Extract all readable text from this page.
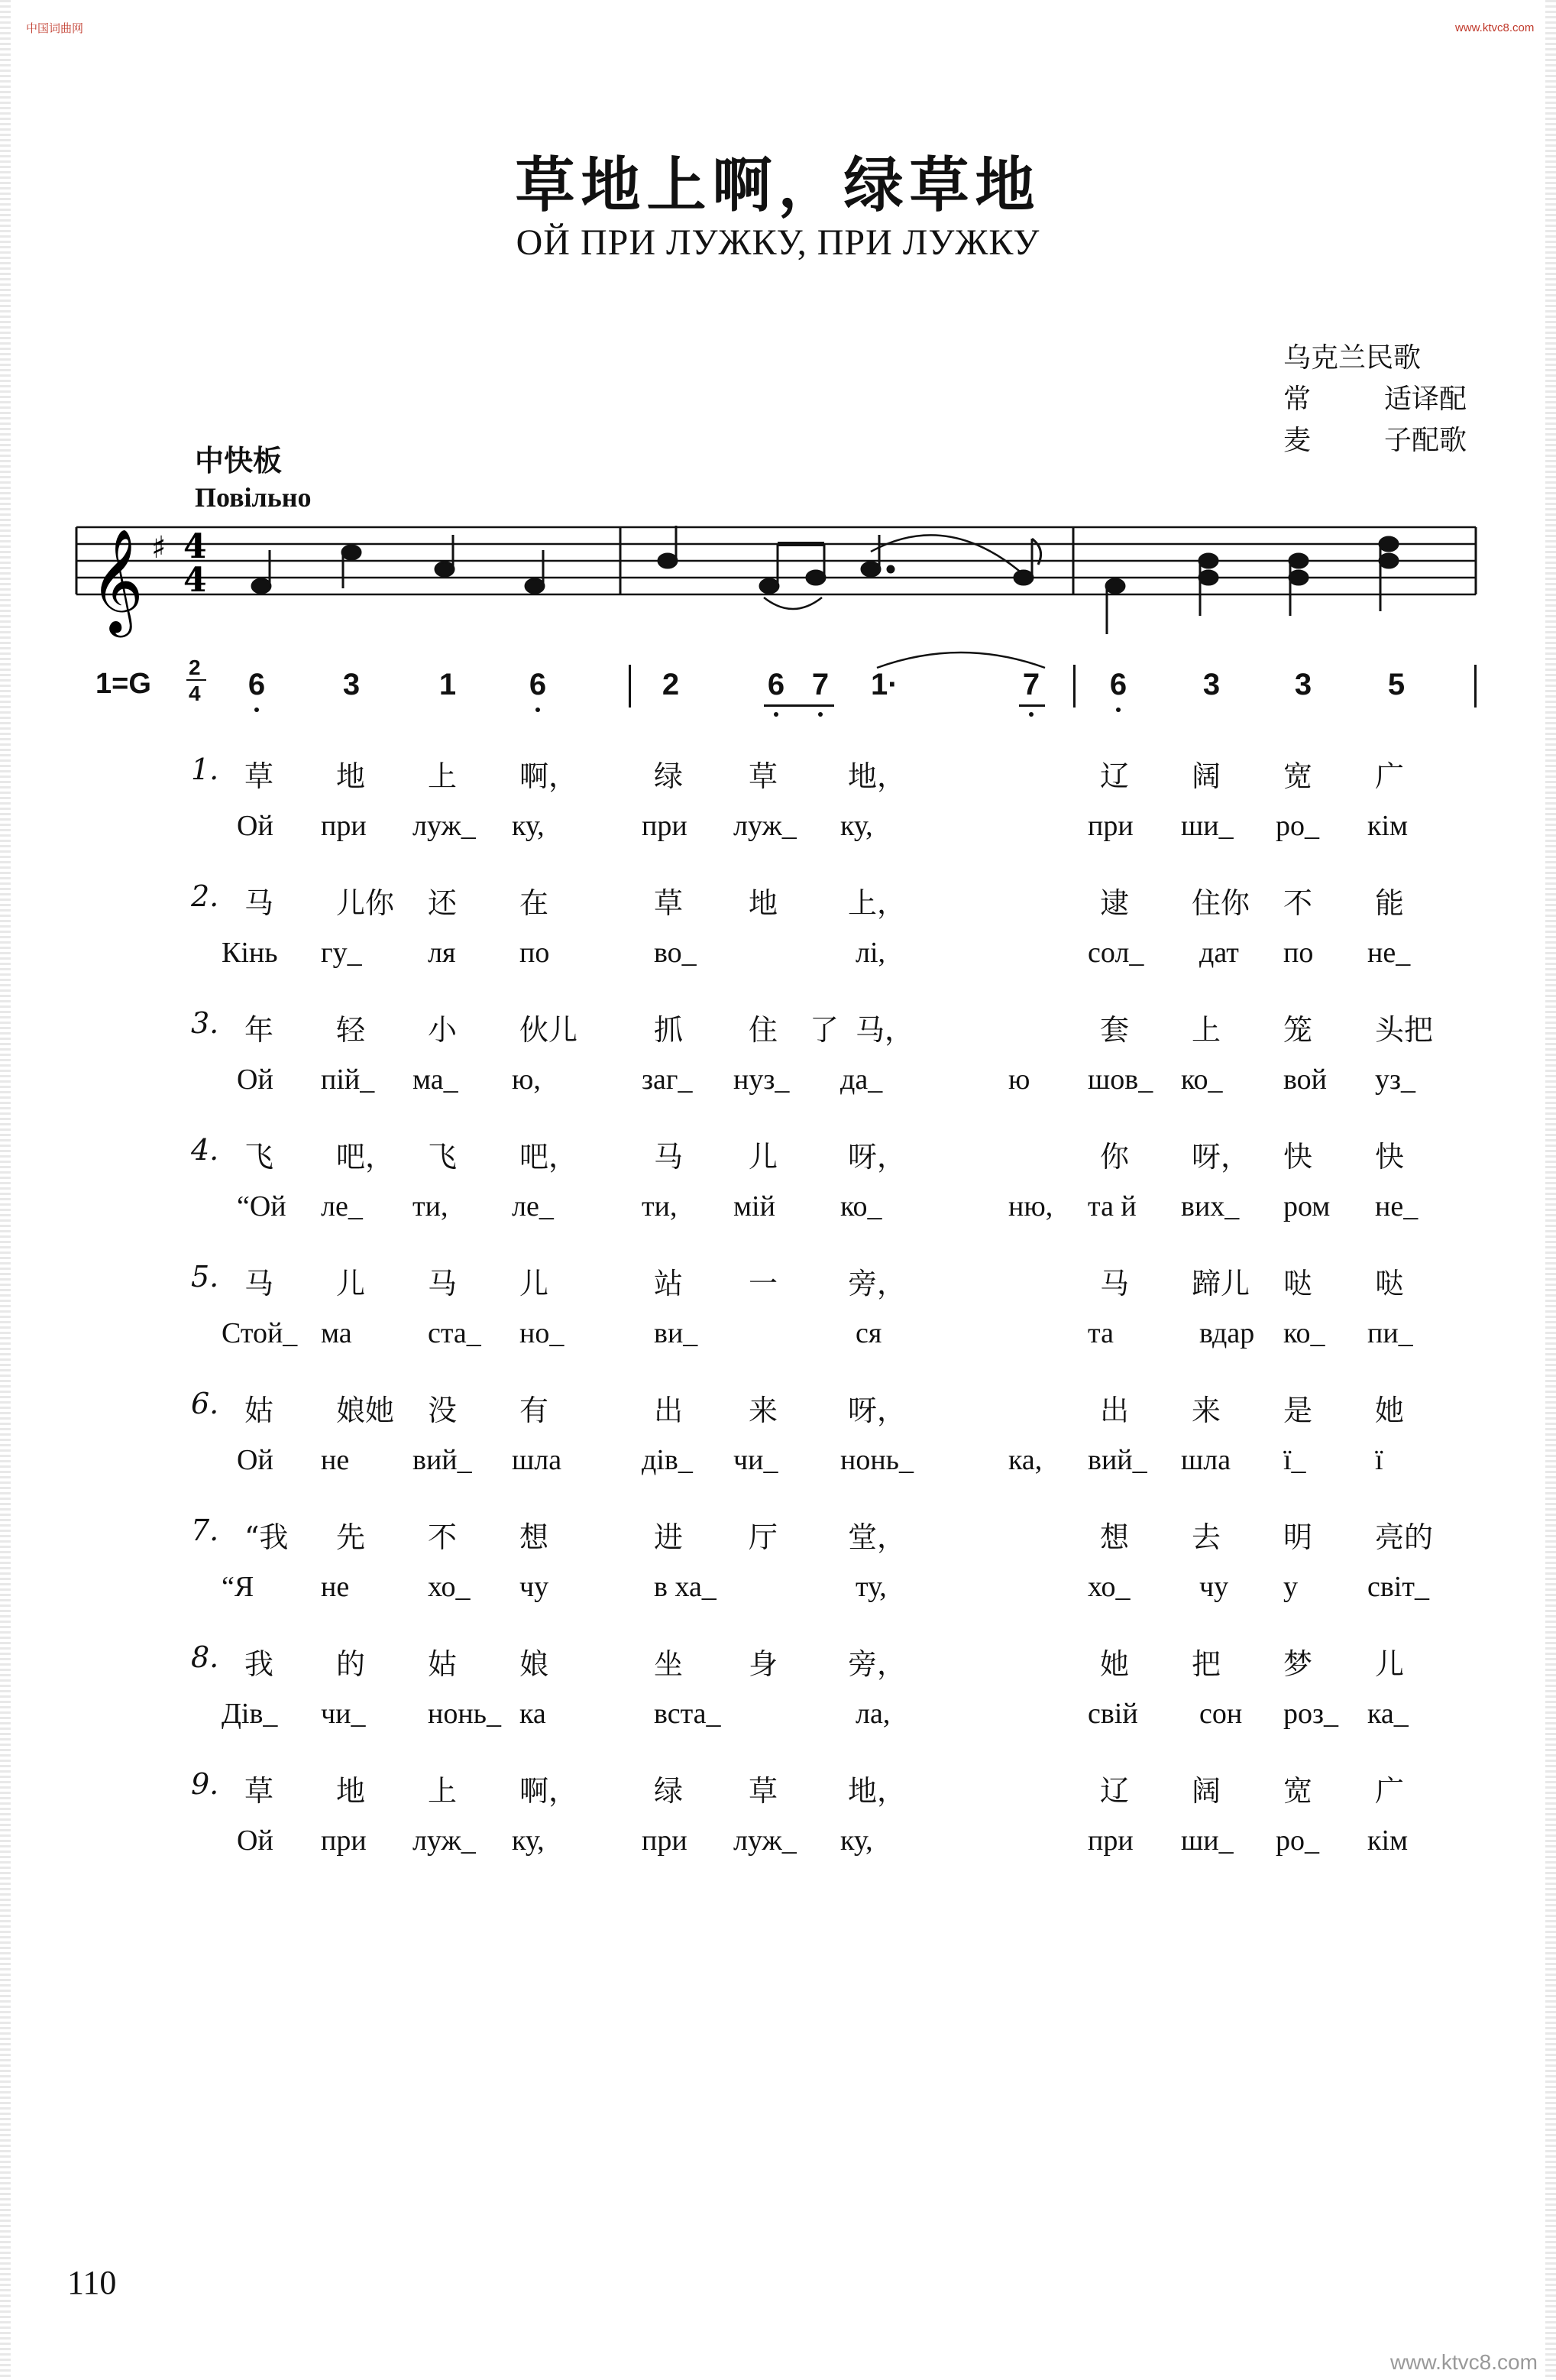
中国词曲网	www.ktvc8.com
www.ktvc8.com
草地上啊，绿草地
ОЙ ПРИ ЛУЖКУ, ПРИ ЛУЖКУ
乌克兰民歌
常	适译配
麦	子配歌
中快板
Повільно
𝄞 ♯ 4
4
1=G
2
4 6	3	1 6	2	6 7 1·	7 6 3 3 5
1. 草 地 上 啊，	绿 草 地，	辽 阔 宽 广
Ой при луж_ ку,	при луж_ ку,	при ши_ ро_ кім
2. 马 儿你 还 在	草 地 上，	逮 住你 不 能
Кінь гу_ ля по	во_	лі,	сол_ дат по не_
3. 年 轻 小 伙儿	抓 住 了 马，	套 上 笼 头把
Ой пій_ ма_ ю,	заг_ нуз_ да_	ю шов_ ко_ вой уз_
4. 飞 吧， 飞 吧，	马 儿 呀，	你 呀， 快 快
“Ой ле_ ти, ле_	ти, мій ко_	ню, та й вих_ ром не_
5. 马 儿 马 儿	站 一 旁，	马 蹄儿 哒 哒
Стой_ ма	ста_ но_	ви_	ся	та	вдар ко_ пи_
6. 姑 娘她 没 有	出 来 呀，	出 来 是 她
Ой не вий_ шла	дів_ чи_ нонь_	ка, вий_ шла ї_ ї
7. “我 先 不 想	进 厅 堂，	想 去 明 亮的
“Я не	хо_ чу	в ха_	ту,	хо_ чу у світ_
8. 我 的 姑 娘	坐 身 旁，	她 把 梦 儿
Дів_ чи_ нонь_ ка	вста_	ла,	свій сон роз_ ка_
9. 草 地 上 啊，	绿 草 地，	辽 阔 宽 广
Ой при луж_ ку,	при луж_ ку,	при ши_ ро_ кім
110
